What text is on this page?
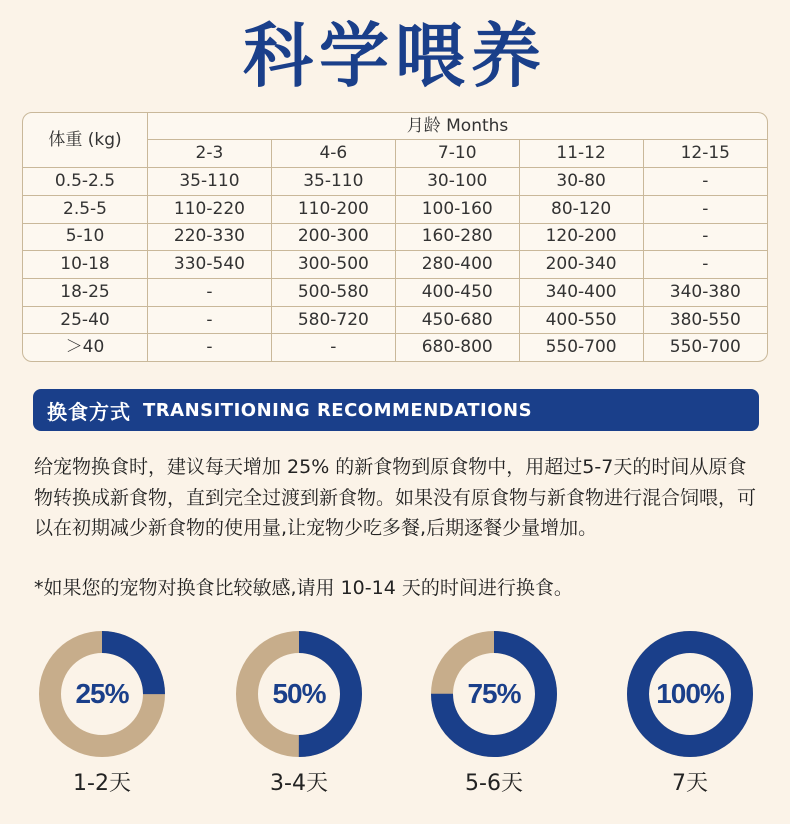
科学喂养
体重 (kg)	月龄 Months				
	2-3	4-6	7-10	11-12	12-15
0.5-2.5	35-110	35-110	30-100	30-80	-
2.5-5	110-220	110-200	100-160	80-120	-
5-10	220-330	200-300	160-280	120-200	-
10-18	330-540	300-500	280-400	200-340	-
18-25	-	500-580	400-450	340-400	340-380
25-40	-	580-720	450-680	400-550	380-550
＞40	-	-	680-800	550-700	550-700
换食方式 TRANSITIONING RECOMMENDATIONS
给宠物换食时，建议每天增加 25% 的新食物到原食物中，用超过5-7天的时间从原食物转换成新食物，直到完全过渡到新食物。如果没有原食物与新食物进行混合饲喂，可以在初期减少新食物的使用量,让宠物少吃多餐,后期逐餐少量增加。
*如果您的宠物对换食比较敏感,请用 10-14 天的时间进行换食。
25%
1-2天
50%
3-4天
75%
5-6天
100%
7天
